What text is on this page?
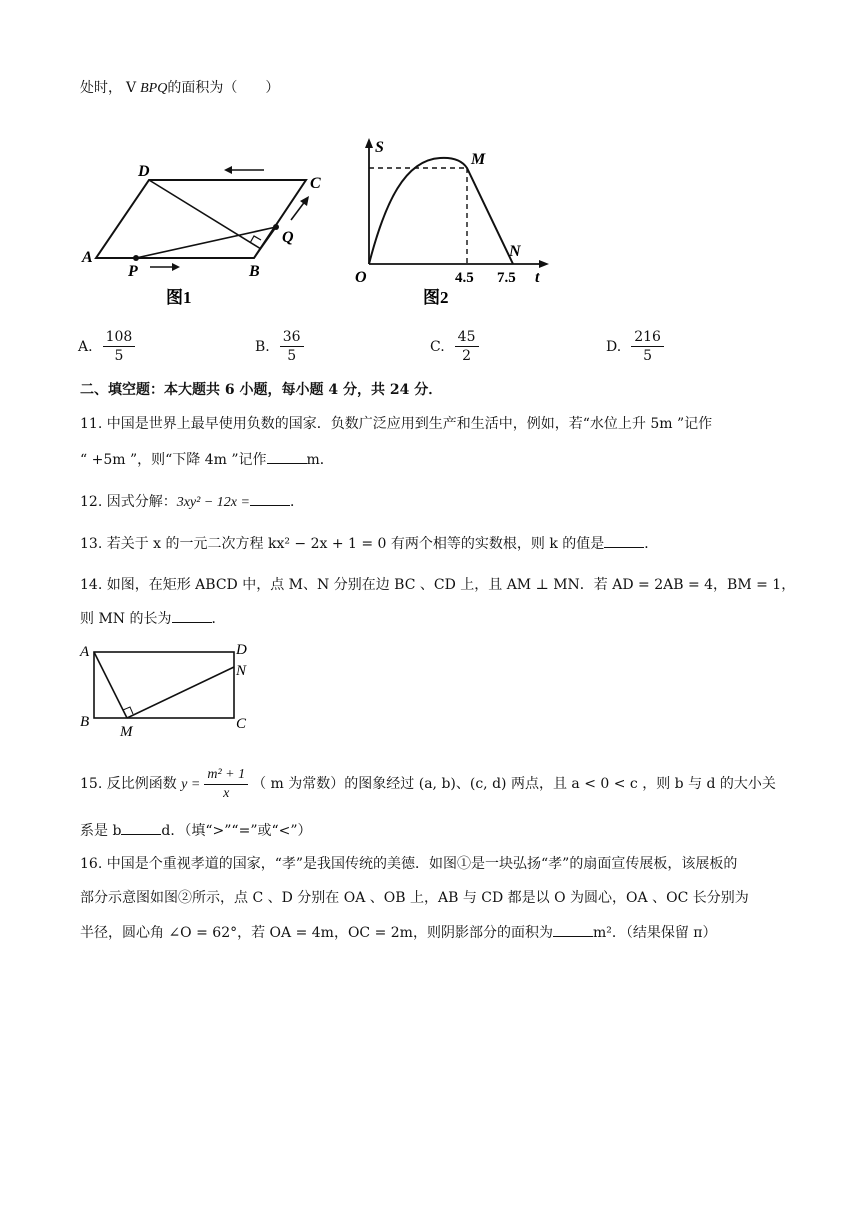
处时， V BPQ的面积为（　　）
A
D
C
B
P
Q
图1
S
t
O
M
N
4.5 7.5
图2
A. $\frac{108}{5}$	B. $\frac{36}{5}$	C. $\frac{45}{2}$	D. $\frac{216}{5}$
二、填空题：本大题共 6 小题，每小题 4 分，共 24 分．
11. 中国是世界上最早使用负数的国家．负数广泛应用到生产和生活中，例如，若“水位上升 5m ”记作
“ +5m ”，则“下降 4m ”记作	m．
12. 因式分解：3xy² − 12x =	．
13. 若关于 x 的一元二次方程 kx² − 2x + 1 = 0 有两个相等的实数根，则 k 的值是	．
14. 如图，在矩形 ABCD 中，点 M、N 分别在边 BC 、CD 上，且 AM ⊥ MN．若 AD = 2AB = 4，BM = 1，
则 MN 的长为	．
A	D
N
B	C
M
15. 反比例函数 $y = \frac{\text{m² + 1}}{x}$ （ m 为常数）的图象经过 (a, b)、(c, d) 两点，且 a < 0 < c ，则 b 与 d 的大小关
系是 b	d．（填“>”“=”或“<”）
16. 中国是个重视孝道的国家，“孝”是我国传统的美德．如图①是一块弘扬“孝”的扇面宣传展板，该展板的
部分示意图如图②所示，点 C 、D 分别在 OA 、OB 上，AB 与 CD 都是以 O 为圆心，OA 、OC 长分别为
半径，圆心角 ∠O = 62°，若 OA = 4m，OC = 2m，则阴影部分的面积为	m²．（结果保留 π）
